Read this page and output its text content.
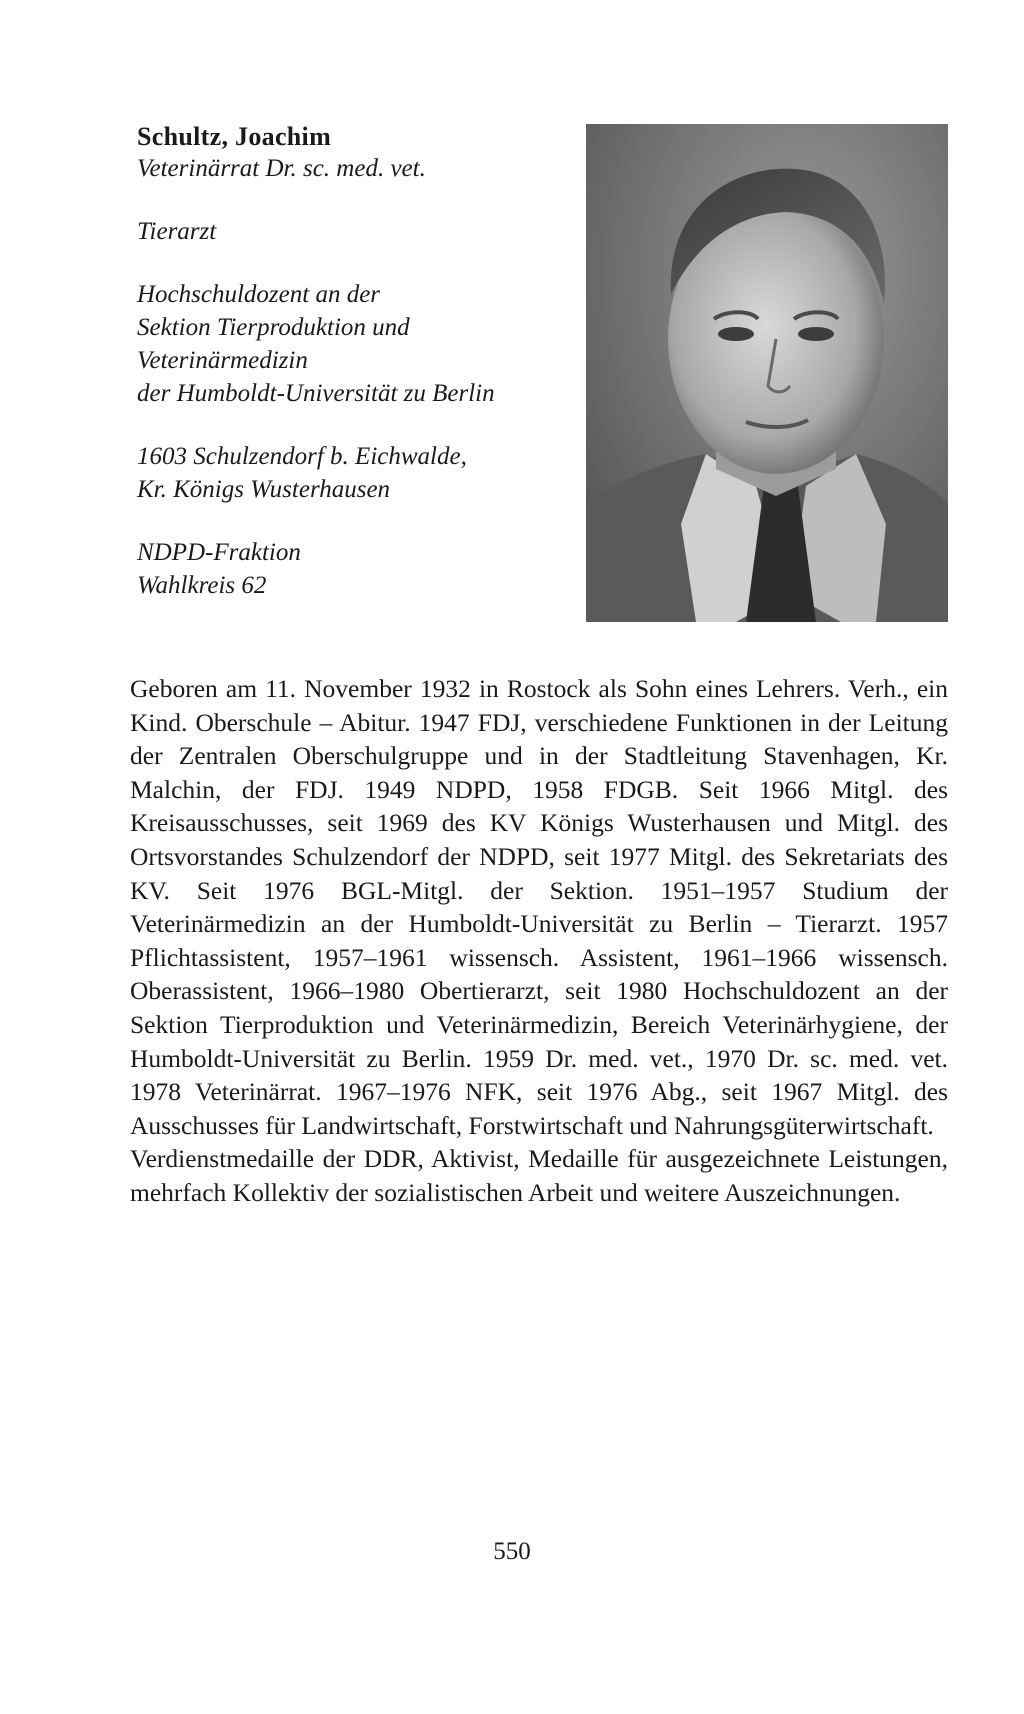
Schultz, Joachim

Veterinärrat Dr. sc. med. vet.

Tierarzt
Hochschuldozent an der
Sektion Tierproduktion und
Veterinärmedizin
der Humboldt-Universität zu Berlin
1603 Schulzendorf b. Eichwalde,
Kr. Königs Wusterhausen
NDPD-Fraktion
Wahlkreis 62

Geboren am 11. November 1932 in Rostock als Sohn eines Lehrers. Verh., ein Kind. Oberschule – Abitur. 1947 FDJ, verschiedene Funktionen in der Leitung der Zentralen Oberschulgruppe und in der Stadtleitung Stavenhagen, Kr. Malchin, der FDJ. 1949 NDPD, 1958 FDGB. Seit 1966 Mitgl. des Kreisausschusses, seit 1969 des KV Königs Wusterhausen und Mitgl. des Ortsvorstandes Schulzendorf der NDPD, seit 1977 Mitgl. des Sekretariats des KV. Seit 1976 BGL-Mitgl. der Sektion. 1951–1957 Studium der Veterinärmedizin an der Humboldt-Universität zu Berlin – Tierarzt. 1957 Pflichtassistent, 1957–1961 wissensch. Assistent, 1961–1966 wissensch. Oberassistent, 1966–1980 Obertierarzt, seit 1980 Hochschuldozent an der Sektion Tierproduktion und Veterinärmedizin, Bereich Veterinärhygiene, der Humboldt-Universität zu Berlin. 1959 Dr. med. vet., 1970 Dr. sc. med. vet. 1978 Veterinärrat. 1967–1976 NFK, seit 1976 Abg., seit 1967 Mitgl. des Ausschusses für Landwirtschaft, Forstwirtschaft und Nahrungsgüterwirtschaft.

Verdienstmedaille der DDR, Aktivist, Medaille für ausgezeichnete Leistungen, mehrfach Kollektiv der sozialistischen Arbeit und weitere Auszeichnungen.

550
